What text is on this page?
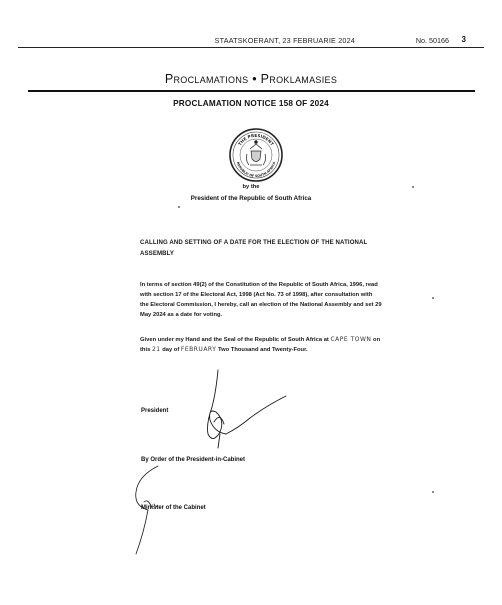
STAATSKOERANT, 23 FEBRUARIE 2024	No. 50166	3
Proclamations • Proklamasies
PROCLAMATION NOTICE 158 OF 2024
THE PRESIDENT
REPUBLIC OF SOUTH AFRICA
by the
President of the Republic of South Africa
CALLING AND SETTING OF A DATE FOR THE ELECTION OF THE NATIONAL ASSEMBLY
In terms of section 49(2) of the Constitution of the Republic of South Africa, 1996, read with section 17 of the Electoral Act, 1998 (Act No. 73 of 1998), after consultation with the Electoral Commission, I hereby, call an election of the National Assembly and set 29 May 2024 as a date for voting.
Given under my Hand and the Seal of the Republic of South Africa at CAPE TOWN on this 21 day of FEBRUARY Two Thousand and Twenty-Four.
President
By Order of the President-in-Cabinet
Minister of the Cabinet
